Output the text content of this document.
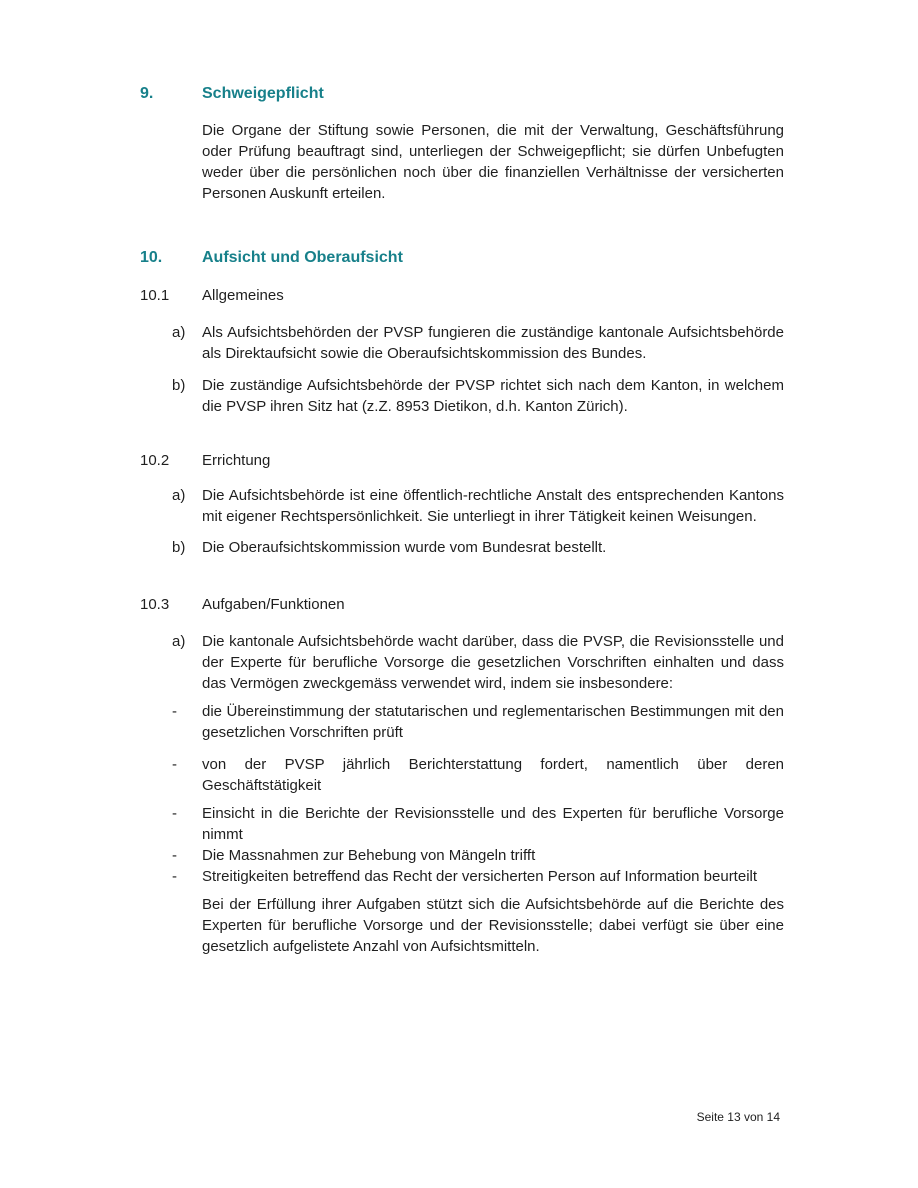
9.	Schweigepflicht

Die Organe der Stiftung sowie Personen, die mit der Verwaltung, Geschäftsführung oder Prüfung beauftragt sind, unterliegen der Schweigepflicht; sie dürfen Unbefugten weder über die persönlichen noch über die finanziellen Verhältnisse der versicherten Personen Auskunft erteilen.

10.	Aufsicht und Oberaufsicht
10.1	Allgemeines
a)	Als Aufsichtsbehörden der PVSP fungieren die zuständige kantonale Aufsichtsbehörde als Direktaufsicht sowie die Oberaufsichtskommission des Bundes.

b)	Die zuständige Aufsichtsbehörde der PVSP richtet sich nach dem Kanton, in welchem die PVSP ihren Sitz hat (z.Z. 8953 Dietikon, d.h. Kanton Zürich).

10.2	Errichtung
a)	Die Aufsichtsbehörde ist eine öffentlich-rechtliche Anstalt des entsprechenden Kantons mit eigener Rechtspersönlichkeit. Sie unterliegt in ihrer Tätigkeit keinen Weisungen.

b)	Die Oberaufsichtskommission wurde vom Bundesrat bestellt.

10.3	Aufgaben/Funktionen
a)	Die kantonale Aufsichtsbehörde wacht darüber, dass die PVSP, die Revisionsstelle und der Experte für berufliche Vorsorge die gesetzlichen Vorschriften einhalten und dass das Vermögen zweckgemäss verwendet wird, indem sie insbesondere:

-	die Übereinstimmung der statutarischen und reglementarischen Bestimmungen mit den gesetzlichen Vorschriften prüft

-	von der PVSP jährlich Berichterstattung fordert, namentlich über deren Geschäftstätigkeit

-	Einsicht in die Berichte der Revisionsstelle und des Experten für berufliche Vorsorge nimmt

-	Die Massnahmen zur Behebung von Mängeln trifft

-	Streitigkeiten betreffend das Recht der versicherten Person auf Information beurteilt

Bei der Erfüllung ihrer Aufgaben stützt sich die Aufsichtsbehörde auf die Berichte des Experten für berufliche Vorsorge und der Revisionsstelle; dabei verfügt sie über eine gesetzlich aufgelistete Anzahl von Aufsichtsmitteln.

Seite 13 von 14
